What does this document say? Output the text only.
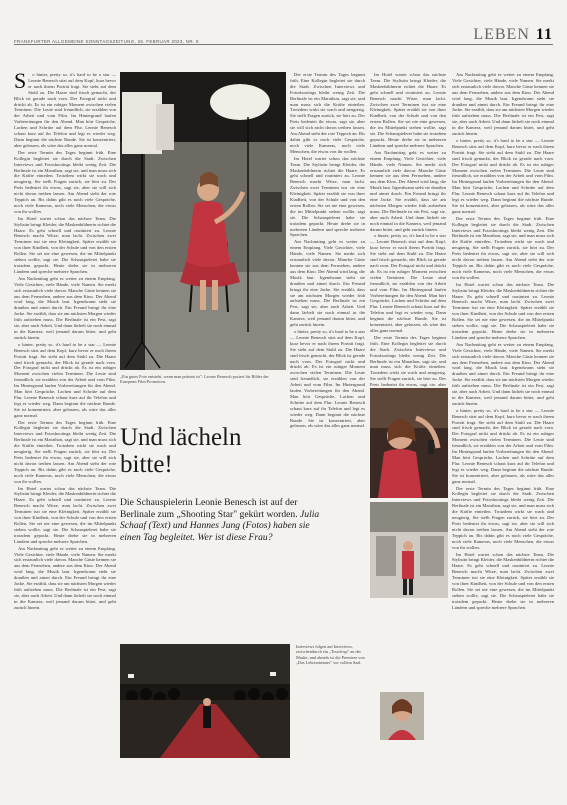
FRANKFURTER ALLGEMEINE SONNTAGSZEITUNG, 26. FEBRUAR 2023, NR. 8	LEBEN 11
S	o hinter, pretty so, it's hard to be a star — Leonie Benesch sitzt auf dem Kopf, kurz bevor er nach ihrem Porträt fragt. Sie sieht auf dem Stuhl zu. Die Haare sind frisch gemacht, der Blick ist gerade nach vorn. Der Fotograf nickt und drückt ab. Es ist ein ruhiger Moment zwischen vielen Terminen. Die Leute sind freundlich, sie erzählen von der Arbeit und vom Film. Im Hintergrund laufen Vorbereitungen für den Abend. Man hört Gespräche, Lachen und Schritte auf dem Flur. Leonie Benesch schaut kurz auf ihr Telefon und legt es wieder weg. Dann beginnt die nächste Runde. Sie ist konzentriert, aber gelassen, als wäre das alles ganz normal.

Der erste Termin des Tages beginnt früh. Eine Kollegin begleitet sie durch die Stadt. Zwischen Interviews und Fotoshootings bleibt wenig Zeit. Die Berlinale ist ein Marathon, sagt sie, und man muss sich die Kräfte einteilen. Trotzdem wirkt sie wach und neugierig. Sie stellt Fragen zurück, sie hört zu. Der Preis bedeutet ihr etwas, sagt sie, aber sie will sich nicht davon treiben lassen. Am Abend steht der rote Teppich an. Bis dahin gibt es noch viele Gespräche, noch viele Kameras, noch viele Menschen, die etwas von ihr wollen.

Im Hotel wartet schon das nächste Team. Die Stylistin bringt Kleider, die Maskenbildnerin richtet die Haare. Es geht schnell und routiniert zu. Leonie Benesch macht Witze, man lacht. Zwischen zwei Terminen isst sie eine Kleinigkeit. Später erzählt sie von ihrer Kindheit, von der Schule und von den ersten Rollen. Sie sei nie eine gewesen, die im Mittelpunkt stehen wollte, sagt sie. Die Schauspielerei habe sie trotzdem gepackt. Heute drehe sie in mehreren Ländern und spreche mehrere Sprachen.

Am Nachmittag geht es weiter zu einem Empfang. Viele Gesichter, viele Hände, viele Namen. Sie merkt sich erstaunlich viele davon. Manche Gäste kennen sie aus dem Fernsehen, andere aus dem Kino. Der Abend wird lang, die Musik laut. Irgendwann steht sie draußen und atmet durch. Ein Freund bringt ihr eine Jacke. Sie erzählt, dass sie am nächsten Morgen wieder früh aufstehen muss. Die Berlinale ist ein Fest, sagt sie, aber auch Arbeit. Und dann lächelt sie noch einmal in die Kamera, weil jemand darum bittet, und geht zurück hinein.

o hinter, pretty so, it's hard to be a star — Leonie Benesch sitzt auf dem Kopf, kurz bevor er nach ihrem Porträt fragt. Sie sieht auf dem Stuhl zu. Die Haare sind frisch gemacht, der Blick ist gerade nach vorn. Der Fotograf nickt und drückt ab. Es ist ein ruhiger Moment zwischen vielen Terminen. Die Leute sind freundlich, sie erzählen von der Arbeit und vom Film. Im Hintergrund laufen Vorbereitungen für den Abend. Man hört Gespräche, Lachen und Schritte auf dem Flur. Leonie Benesch schaut kurz auf ihr Telefon und legt es wieder weg. Dann beginnt die nächste Runde. Sie ist konzentriert, aber gelassen, als wäre das alles ganz normal.

Der erste Termin des Tages beginnt früh. Eine Kollegin begleitet sie durch die Stadt. Zwischen Interviews und Fotoshootings bleibt wenig Zeit. Die Berlinale ist ein Marathon, sagt sie, und man muss sich die Kräfte einteilen. Trotzdem wirkt sie wach und neugierig. Sie stellt Fragen zurück, sie hört zu. Der Preis bedeutet ihr etwas, sagt sie, aber sie will sich nicht davon treiben lassen. Am Abend steht der rote Teppich an. Bis dahin gibt es noch viele Gespräche, noch viele Kameras, noch viele Menschen, die etwas von ihr wollen.

Im Hotel wartet schon das nächste Team. Die Stylistin bringt Kleider, die Maskenbildnerin richtet die Haare. Es geht schnell und routiniert zu. Leonie Benesch macht Witze, man lacht. Zwischen zwei Terminen isst sie eine Kleinigkeit. Später erzählt sie von ihrer Kindheit, von der Schule und von den ersten Rollen. Sie sei nie eine gewesen, die im Mittelpunkt stehen wollte, sagt sie. Die Schauspielerei habe sie trotzdem gepackt. Heute drehe sie in mehreren Ländern und spreche mehrere Sprachen.

Am Nachmittag geht es weiter zu einem Empfang. Viele Gesichter, viele Hände, viele Namen. Sie merkt sich erstaunlich viele davon. Manche Gäste kennen sie aus dem Fernsehen, andere aus dem Kino. Der Abend wird lang, die Musik laut. Irgendwann steht sie draußen und atmet durch. Ein Freund bringt ihr eine Jacke. Sie erzählt, dass sie am nächsten Morgen wieder früh aufstehen muss. Die Berlinale ist ein Fest, sagt sie, aber auch Arbeit. Und dann lächelt sie noch einmal in die Kamera, weil jemand darum bittet, und geht zurück hinein.

„Ein gutes Foto entsteht, wenn man präsent ist": Leonie Benesch posiert für Bilder der European Film Promotion.

Der erste Termin des Tages beginnt früh. Eine Kollegin begleitet sie durch die Stadt. Zwischen Interviews und Fotoshootings bleibt wenig Zeit. Die Berlinale ist ein Marathon, sagt sie, und man muss sich die Kräfte einteilen. Trotzdem wirkt sie wach und neugierig. Sie stellt Fragen zurück, sie hört zu. Der Preis bedeutet ihr etwas, sagt sie, aber sie will sich nicht davon treiben lassen. Am Abend steht der rote Teppich an. Bis dahin gibt es noch viele Gespräche, noch viele Kameras, noch viele Menschen, die etwas von ihr wollen.

Im Hotel wartet schon das nächste Team. Die Stylistin bringt Kleider, die Maskenbildnerin richtet die Haare. Es geht schnell und routiniert zu. Leonie Benesch macht Witze, man lacht. Zwischen zwei Terminen isst sie eine Kleinigkeit. Später erzählt sie von ihrer Kindheit, von der Schule und von den ersten Rollen. Sie sei nie eine gewesen, die im Mittelpunkt stehen wollte, sagt sie. Die Schauspielerei habe sie trotzdem gepackt. Heute drehe sie in mehreren Ländern und spreche mehrere Sprachen.

Am Nachmittag geht es weiter zu einem Empfang. Viele Gesichter, viele Hände, viele Namen. Sie merkt sich erstaunlich viele davon. Manche Gäste kennen sie aus dem Fernsehen, andere aus dem Kino. Der Abend wird lang, die Musik laut. Irgendwann steht sie draußen und atmet durch. Ein Freund bringt ihr eine Jacke. Sie erzählt, dass sie am nächsten Morgen wieder früh aufstehen muss. Die Berlinale ist ein Fest, sagt sie, aber auch Arbeit. Und dann lächelt sie noch einmal in die Kamera, weil jemand darum bittet, und geht zurück hinein.

o hinter, pretty so, it's hard to be a star — Leonie Benesch sitzt auf dem Kopf, kurz bevor er nach ihrem Porträt fragt. Sie sieht auf dem Stuhl zu. Die Haare sind frisch gemacht, der Blick ist gerade nach vorn. Der Fotograf nickt und drückt ab. Es ist ein ruhiger Moment zwischen vielen Terminen. Die Leute sind freundlich, sie erzählen von der Arbeit und vom Film. Im Hintergrund laufen Vorbereitungen für den Abend. Man hört Gespräche, Lachen und Schritte auf dem Flur. Leonie Benesch schaut kurz auf ihr Telefon und legt es wieder weg. Dann beginnt die nächste Runde. Sie ist konzentriert, aber gelassen, als wäre das alles ganz normal.

Im Hotel wartet schon das nächste Team. Die Stylistin bringt Kleider, die Maskenbildnerin richtet die Haare. Es geht schnell und routiniert zu. Leonie Benesch macht Witze, man lacht. Zwischen zwei Terminen isst sie eine Kleinigkeit. Später erzählt sie von ihrer Kindheit, von der Schule und von den ersten Rollen. Sie sei nie eine gewesen, die im Mittelpunkt stehen wollte, sagt sie. Die Schauspielerei habe sie trotzdem gepackt. Heute drehe sie in mehreren Ländern und spreche mehrere Sprachen.

Am Nachmittag geht es weiter zu einem Empfang. Viele Gesichter, viele Hände, viele Namen. Sie merkt sich erstaunlich viele davon. Manche Gäste kennen sie aus dem Fernsehen, andere aus dem Kino. Der Abend wird lang, die Musik laut. Irgendwann steht sie draußen und atmet durch. Ein Freund bringt ihr eine Jacke. Sie erzählt, dass sie am nächsten Morgen wieder früh aufstehen muss. Die Berlinale ist ein Fest, sagt sie, aber auch Arbeit. Und dann lächelt sie noch einmal in die Kamera, weil jemand darum bittet, und geht zurück hinein.

o hinter, pretty so, it's hard to be a star — Leonie Benesch sitzt auf dem Kopf, kurz bevor er nach ihrem Porträt fragt. Sie sieht auf dem Stuhl zu. Die Haare sind frisch gemacht, der Blick ist gerade nach vorn. Der Fotograf nickt und drückt ab. Es ist ein ruhiger Moment zwischen vielen Terminen. Die Leute sind freundlich, sie erzählen von der Arbeit und vom Film. Im Hintergrund laufen Vorbereitungen für den Abend. Man hört Gespräche, Lachen und Schritte auf dem Flur. Leonie Benesch schaut kurz auf ihr Telefon und legt es wieder weg. Dann beginnt die nächste Runde. Sie ist konzentriert, aber gelassen, als wäre das alles ganz normal.

Der erste Termin des Tages beginnt früh. Eine Kollegin begleitet sie durch die Stadt. Zwischen Interviews und Fotoshootings bleibt wenig Zeit. Die Berlinale ist ein Marathon, sagt sie, und man muss sich die Kräfte einteilen. Trotzdem wirkt sie wach und neugierig. Sie stellt Fragen zurück, sie hört zu. Der Preis bedeutet ihr etwas, sagt sie, aber

Am Nachmittag geht es weiter zu einem Empfang. Viele Gesichter, viele Hände, viele Namen. Sie merkt sich erstaunlich viele davon. Manche Gäste kennen sie aus dem Fernsehen, andere aus dem Kino. Der Abend wird lang, die Musik laut. Irgendwann steht sie draußen und atmet durch. Ein Freund bringt ihr eine Jacke. Sie erzählt, dass sie am nächsten Morgen wieder früh aufstehen muss. Die Berlinale ist ein Fest, sagt sie, aber auch Arbeit. Und dann lächelt sie noch einmal in die Kamera, weil jemand darum bittet, und geht zurück hinein.

o hinter, pretty so, it's hard to be a star — Leonie Benesch sitzt auf dem Kopf, kurz bevor er nach ihrem Porträt fragt. Sie sieht auf dem Stuhl zu. Die Haare sind frisch gemacht, der Blick ist gerade nach vorn. Der Fotograf nickt und drückt ab. Es ist ein ruhiger Moment zwischen vielen Terminen. Die Leute sind freundlich, sie erzählen von der Arbeit und vom Film. Im Hintergrund laufen Vorbereitungen für den Abend. Man hört Gespräche, Lachen und Schritte auf dem Flur. Leonie Benesch schaut kurz auf ihr Telefon und legt es wieder weg. Dann beginnt die nächste Runde. Sie ist konzentriert, aber gelassen, als wäre das alles ganz normal.

Der erste Termin des Tages beginnt früh. Eine Kollegin begleitet sie durch die Stadt. Zwischen Interviews und Fotoshootings bleibt wenig Zeit. Die Berlinale ist ein Marathon, sagt sie, und man muss sich die Kräfte einteilen. Trotzdem wirkt sie wach und neugierig. Sie stellt Fragen zurück, sie hört zu. Der Preis bedeutet ihr etwas, sagt sie, aber sie will sich nicht davon treiben lassen. Am Abend steht der rote Teppich an. Bis dahin gibt es noch viele Gespräche, noch viele Kameras, noch viele Menschen, die etwas von ihr wollen.

Im Hotel wartet schon das nächste Team. Die Stylistin bringt Kleider, die Maskenbildnerin richtet die Haare. Es geht schnell und routiniert zu. Leonie Benesch macht Witze, man lacht. Zwischen zwei Terminen isst sie eine Kleinigkeit. Später erzählt sie von ihrer Kindheit, von der Schule und von den ersten Rollen. Sie sei nie eine gewesen, die im Mittelpunkt stehen wollte, sagt sie. Die Schauspielerei habe sie trotzdem gepackt. Heute drehe sie in mehreren Ländern und spreche mehrere Sprachen.

Am Nachmittag geht es weiter zu einem Empfang. Viele Gesichter, viele Hände, viele Namen. Sie merkt sich erstaunlich viele davon. Manche Gäste kennen sie aus dem Fernsehen, andere aus dem Kino. Der Abend wird lang, die Musik laut. Irgendwann steht sie draußen und atmet durch. Ein Freund bringt ihr eine Jacke. Sie erzählt, dass sie am nächsten Morgen wieder früh aufstehen muss. Die Berlinale ist ein Fest, sagt sie, aber auch Arbeit. Und dann lächelt sie noch einmal in die Kamera, weil jemand darum bittet, und geht zurück hinein.

o hinter, pretty so, it's hard to be a star — Leonie Benesch sitzt auf dem Kopf, kurz bevor er nach ihrem Porträt fragt. Sie sieht auf dem Stuhl zu. Die Haare sind frisch gemacht, der Blick ist gerade nach vorn. Der Fotograf nickt und drückt ab. Es ist ein ruhiger Moment zwischen vielen Terminen. Die Leute sind freundlich, sie erzählen von der Arbeit und vom Film. Im Hintergrund laufen Vorbereitungen für den Abend. Man hört Gespräche, Lachen und Schritte auf dem Flur. Leonie Benesch schaut kurz auf ihr Telefon und legt es wieder weg. Dann beginnt die nächste Runde. Sie ist konzentriert, aber gelassen, als wäre das alles ganz normal.

Der erste Termin des Tages beginnt früh. Eine Kollegin begleitet sie durch die Stadt. Zwischen Interviews und Fotoshootings bleibt wenig Zeit. Die Berlinale ist ein Marathon, sagt sie, und man muss sich die Kräfte einteilen. Trotzdem wirkt sie wach und neugierig. Sie stellt Fragen zurück, sie hört zu. Der Preis bedeutet ihr etwas, sagt sie, aber sie will sich nicht davon treiben lassen. Am Abend steht der rote Teppich an. Bis dahin gibt es noch viele Gespräche, noch viele Kameras, noch viele Menschen, die etwas von ihr wollen.

Im Hotel wartet schon das nächste Team. Die Stylistin bringt Kleider, die Maskenbildnerin richtet die Haare. Es geht schnell und routiniert zu. Leonie Benesch macht Witze, man lacht. Zwischen zwei Terminen isst sie eine Kleinigkeit. Später erzählt sie von ihrer Kindheit, von der Schule und von den ersten Rollen. Sie sei nie eine gewesen, die im Mittelpunkt stehen wollte, sagt sie. Die Schauspielerei habe sie trotzdem gepackt. Heute drehe sie in mehreren Ländern und spreche mehrere Sprachen.

Und lächeln
bitte!
Die Schauspielerin Leonie Benesch ist auf der Berlinale zum „Shooting Star" gekürt worden. Julia Schaaf (Text) und Hannes Jung (Fotos) haben sie einen Tag begleitet. Wer ist diese Frau?
Interviews folgen auf Interviews, zwischendurch ein „Touch-up" an der Maske, und abends ist die Premiere von „Das Lehrerzimmer" vor vollem Saal.
